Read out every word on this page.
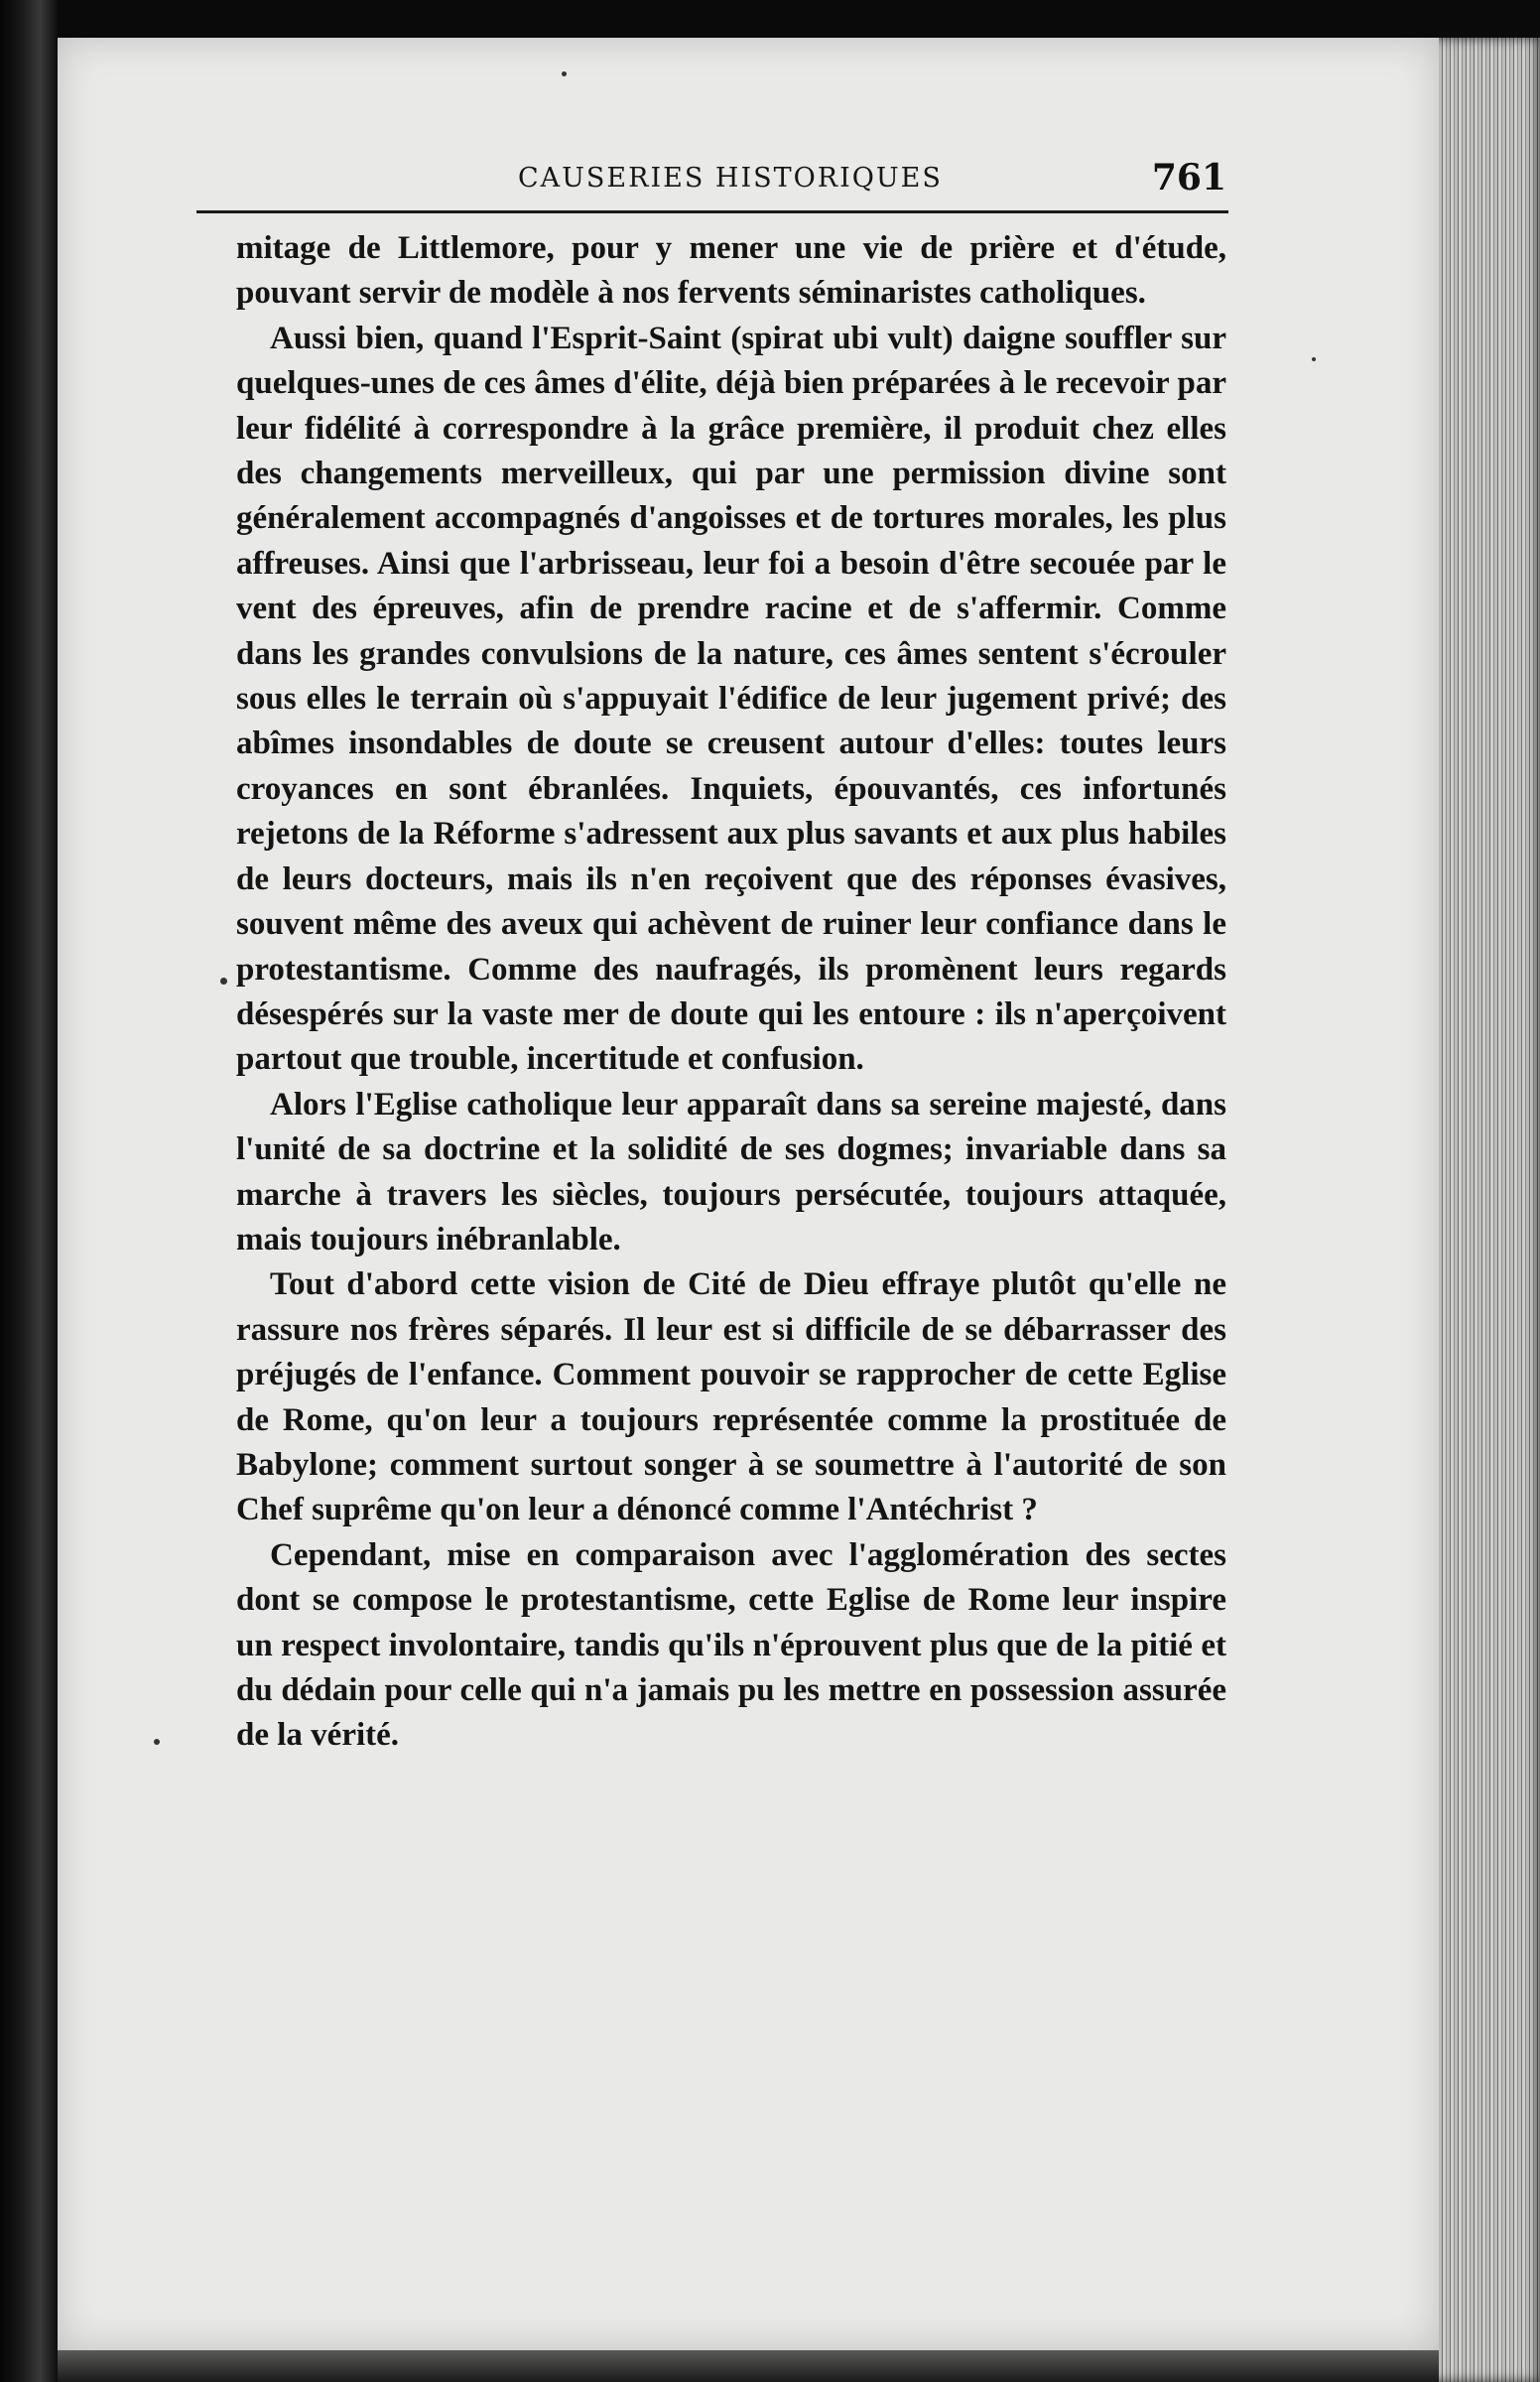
CAUSERIES HISTORIQUES	761

mitage de Littlemore, pour y mener une vie de prière et d'étude, pouvant servir de modèle à nos fervents séminaristes catholiques.

Aussi bien, quand l'Esprit-Saint (spirat ubi vult) daigne souffler sur quelques-unes de ces âmes d'élite, déjà bien préparées à le recevoir par leur fidélité à correspondre à la grâce première, il produit chez elles des changements merveilleux, qui par une permission divine sont généralement accompagnés d'angoisses et de tortures morales, les plus affreuses. Ainsi que l'arbrisseau, leur foi a besoin d'être secouée par le vent des épreuves, afin de prendre racine et de s'affermir. Comme dans les grandes convulsions de la nature, ces âmes sentent s'écrouler sous elles le terrain où s'appuyait l'édifice de leur jugement privé; des abîmes insondables de doute se creusent autour d'elles: toutes leurs croyances en sont ébranlées. Inquiets, épouvantés, ces infortunés rejetons de la Réforme s'adressent aux plus savants et aux plus habiles de leurs docteurs, mais ils n'en reçoivent que des réponses évasives, souvent même des aveux qui achèvent de ruiner leur confiance dans le protestantisme. Comme des naufragés, ils promènent leurs regards désespérés sur la vaste mer de doute qui les entoure : ils n'aperçoivent partout que trouble, incertitude et confusion.

Alors l'Eglise catholique leur apparaît dans sa sereine majesté, dans l'unité de sa doctrine et la solidité de ses dogmes; invariable dans sa marche à travers les siècles, toujours persécutée, toujours attaquée, mais toujours inébranlable.

Tout d'abord cette vision de Cité de Dieu effraye plutôt qu'elle ne rassure nos frères séparés. Il leur est si difficile de se débarrasser des préjugés de l'enfance. Comment pouvoir se rapprocher de cette Eglise de Rome, qu'on leur a toujours représentée comme la prostituée de Babylone; comment surtout songer à se soumettre à l'autorité de son Chef suprême qu'on leur a dénoncé comme l'Antéchrist ?

Cependant, mise en comparaison avec l'agglomération des sectes dont se compose le protestantisme, cette Eglise de Rome leur inspire un respect involontaire, tandis qu'ils n'éprouvent plus que de la pitié et du dédain pour celle qui n'a jamais pu les mettre en possession assurée de la vérité.
